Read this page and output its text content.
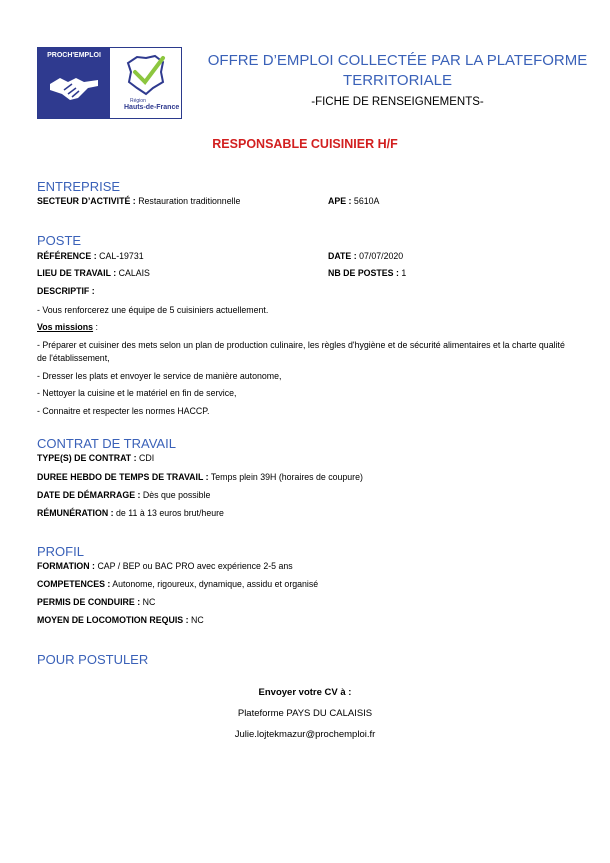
PROCH'EMPLOI
Région
Hauts-de-France
OFFRE D’EMPLOI COLLECTÉE PAR LA PLATEFORME
TERRITORIALE
-FICHE DE RENSEIGNEMENTS-
RESPONSABLE CUISINIER H/F
ENTREPRISE
SECTEUR D’ACTIVITÉ : Restauration traditionnelle	APE : 5610A
POSTE
RÉFÉRENCE : CAL-19731	DATE : 07/07/2020
LIEU DE TRAVAIL : CALAIS	NB DE POSTES : 1
DESCRIPTIF :
- Vous renforcerez une équipe de 5 cuisiniers actuellement.
Vos missions :
- Préparer et cuisiner des mets selon un plan de production culinaire, les règles d'hygiène et de sécurité alimentaires et la charte qualité de l'établissement,
- Dresser les plats et envoyer le service de manière autonome,
- Nettoyer la cuisine et le matériel en fin de service,
- Connaitre et respecter les normes HACCP.
CONTRAT DE TRAVAIL
TYPE(S) DE CONTRAT : CDI
DUREE HEBDO DE TEMPS DE TRAVAIL : Temps plein 39H (horaires de coupure)
DATE DE DÉMARRAGE : Dès que possible
RÉMUNÉRATION : de 11 à 13 euros brut/heure
PROFIL
FORMATION : CAP / BEP ou BAC PRO avec expérience 2-5 ans
COMPETENCES : Autonome, rigoureux, dynamique, assidu et organisé
PERMIS DE CONDUIRE : NC
MOYEN DE LOCOMOTION REQUIS : NC
POUR POSTULER
Envoyer votre CV à :
Plateforme PAYS DU CALAISIS
Julie.lojtekmazur@prochemploi.fr
